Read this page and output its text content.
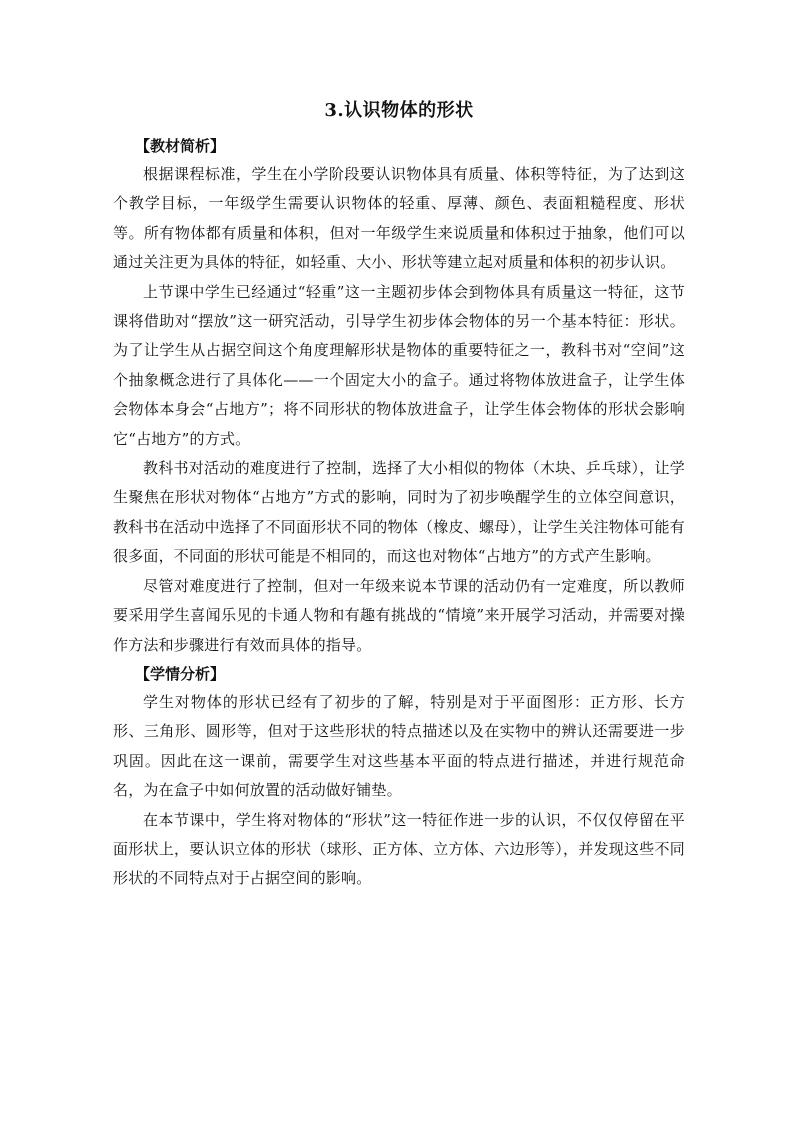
3.认识物体的形状
【教材简析】

根据课程标准，学生在小学阶段要认识物体具有质量、体积等特征，为了达到这个教学目标，一年级学生需要认识物体的轻重、厚薄、颜色、表面粗糙程度、形状等。所有物体都有质量和体积，但对一年级学生来说质量和体积过于抽象，他们可以通过关注更为具体的特征，如轻重、大小、形状等建立起对质量和体积的初步认识。

上节课中学生已经通过“轻重”这一主题初步体会到物体具有质量这一特征，这节课将借助对“摆放”这一研究活动，引导学生初步体会物体的另一个基本特征：形状。为了让学生从占据空间这个角度理解形状是物体的重要特征之一，教科书对“空间”这个抽象概念进行了具体化——一个固定大小的盒子。通过将物体放进盒子，让学生体会物体本身会“占地方”；将不同形状的物体放进盒子，让学生体会物体的形状会影响它“占地方”的方式。

教科书对活动的难度进行了控制，选择了大小相似的物体（木块、乒乓球），让学生聚焦在形状对物体“占地方”方式的影响，同时为了初步唤醒学生的立体空间意识，教科书在活动中选择了不同面形状不同的物体（橡皮、螺母），让学生关注物体可能有很多面，不同面的形状可能是不相同的，而这也对物体“占地方”的方式产生影响。

尽管对难度进行了控制，但对一年级来说本节课的活动仍有一定难度，所以教师要采用学生喜闻乐见的卡通人物和有趣有挑战的“情境”来开展学习活动，并需要对操作方法和步骤进行有效而具体的指导。

【学情分析】

学生对物体的形状已经有了初步的了解，特别是对于平面图形：正方形、长方形、三角形、圆形等，但对于这些形状的特点描述以及在实物中的辨认还需要进一步巩固。因此在这一课前，需要学生对这些基本平面的特点进行描述，并进行规范命名，为在盒子中如何放置的活动做好铺垫。

在本节课中，学生将对物体的“形状”这一特征作进一步的认识，不仅仅停留在平面形状上，要认识立体的形状（球形、正方体、立方体、六边形等），并发现这些不同形状的不同特点对于占据空间的影响。
